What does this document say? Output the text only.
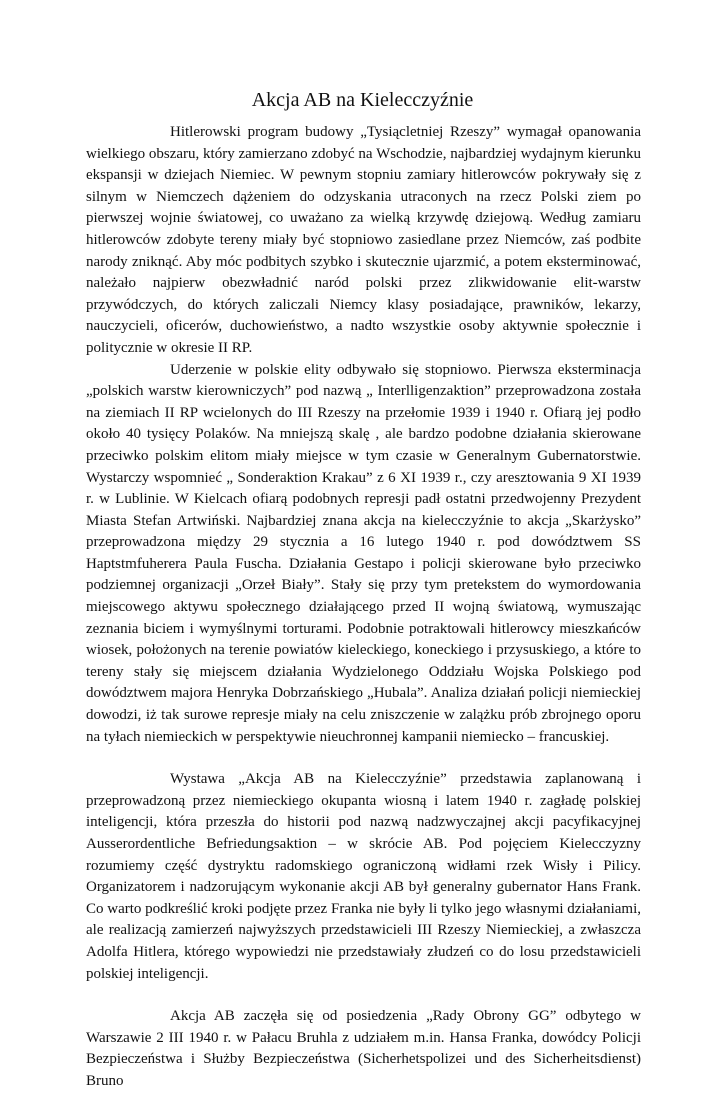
Akcja AB na Kielecczyźnie

Hitlerowski program budowy „Tysiącletniej Rzeszy” wymagał opanowania wielkiego obszaru, który zamierzano zdobyć na Wschodzie, najbardziej wydajnym kierunku ekspansji w dziejach Niemiec. W pewnym stopniu zamiary hitlerowców pokrywały się z silnym w Niemczech dążeniem do odzyskania utraconych na rzecz Polski ziem po pierwszej wojnie światowej, co uważano za wielką krzywdę dziejową. Według zamiaru hitlerowców zdobyte tereny miały być stopniowo zasiedlane przez Niemców, zaś podbite narody zniknąć. Aby móc podbitych szybko i skutecznie ujarzmić, a potem eksterminować, należało najpierw obezwładnić naród polski przez zlikwidowanie elit-warstw przywódczych, do których zaliczali Niemcy klasy posiadające, prawników, lekarzy, nauczycieli, oficerów, duchowieństwo, a nadto wszystkie osoby aktywnie społecznie i politycznie w okresie II RP.

Uderzenie w polskie elity odbywało się stopniowo. Pierwsza eksterminacja „polskich warstw kierowniczych” pod nazwą „ Interlligenzaktion” przeprowadzona została na ziemiach II RP wcielonych do III Rzeszy na przełomie 1939 i 1940 r. Ofiarą jej podło około 40 tysięcy Polaków. Na mniejszą skalę , ale bardzo podobne działania skierowane przeciwko polskim elitom miały miejsce w tym czasie w Generalnym Gubernatorstwie. Wystarczy wspomnieć „ Sonderaktion Krakau” z 6 XI 1939 r., czy aresztowania 9 XI 1939 r. w Lublinie. W Kielcach ofiarą podobnych represji padł ostatni przedwojenny Prezydent Miasta Stefan Artwiński. Najbardziej znana akcja na kielecczyźnie to akcja „Skarżysko” przeprowadzona między 29 stycznia a 16 lutego 1940 r. pod dowództwem SS Haptstmfuherera Paula Fuscha. Działania Gestapo i policji skierowane było przeciwko podziemnej organizacji „Orzeł Biały”. Stały się przy tym pretekstem do wymordowania miejscowego aktywu społecznego działającego przed II wojną światową, wymuszając zeznania biciem i wymyślnymi torturami. Podobnie potraktowali hitlerowcy mieszkańców wiosek, położonych na terenie powiatów kieleckiego, koneckiego i przysuskiego, a które to tereny stały się miejscem działania Wydzielonego Oddziału Wojska Polskiego pod dowództwem majora Henryka Dobrzańskiego „Hubala”. Analiza działań policji niemieckiej dowodzi, iż tak surowe represje miały na celu zniszczenie w zalążku prób zbrojnego oporu na tyłach niemieckich w perspektywie nieuchronnej kampanii niemiecko – francuskiej.

Wystawa „Akcja AB na Kielecczyźnie” przedstawia zaplanowaną i przeprowadzoną przez niemieckiego okupanta wiosną i latem 1940 r. zagładę polskiej inteligencji, która przeszła do historii pod nazwą nadzwyczajnej akcji pacyfikacyjnej Ausserordentliche Befriedungsaktion – w skrócie AB. Pod pojęciem Kielecczyzny rozumiemy część dystryktu radomskiego ograniczoną widłami rzek Wisły i Pilicy. Organizatorem i nadzorującym wykonanie akcji AB był generalny gubernator Hans Frank. Co warto podkreślić kroki podjęte przez Franka nie były li tylko jego własnymi działaniami, ale realizacją zamierzeń najwyższych przedstawicieli III Rzeszy Niemieckiej, a zwłaszcza Adolfa Hitlera, którego wypowiedzi nie przedstawiały złudzeń co do losu przedstawicieli polskiej inteligencji.

Akcja AB zaczęła się od posiedzenia „Rady Obrony GG” odbytego w Warszawie 2 III 1940 r. w Pałacu Bruhla z udziałem m.in. Hansa Franka, dowódcy Policji Bezpieczeństwa i Służby Bezpieczeństwa (Sicherhetspolizei und des Sicherheitsdienst) Bruno
